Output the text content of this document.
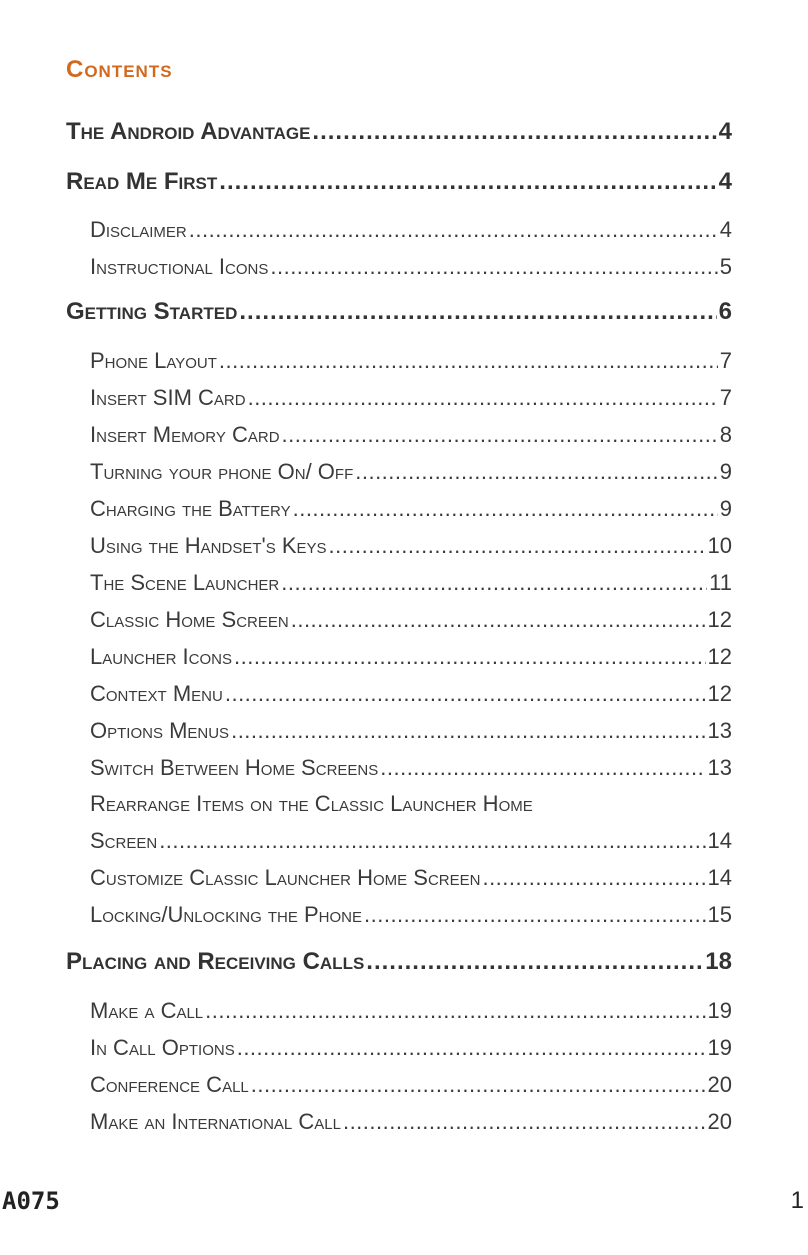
Contents
The Android Advantage .....	4
Read Me First .....	4
Disclaimer .....	4
Instructional Icons .....	5
Getting Started .....	6
Phone Layout .....	7
Insert SIM Card .....	7
Insert Memory Card .....	8
Turning your phone On/ Off .....	9
Charging the Battery .....	9
Using the Handset's Keys .....	10
The Scene Launcher .....	11
Classic Home Screen .....	12
Launcher Icons .....	12
Context Menu .....	12
Options Menus .....	13
Switch Between Home Screens .....	13
Rearrange Items on the Classic Launcher Home
Screen .....	14
Customize Classic Launcher Home Screen .....	14
Locking/Unlocking the Phone .....	15
Placing and Receiving Calls .....	18
Make a Call .....	19
In Call Options .....	19
Conference Call .....	20
Make an International Call .....	20
A075	1
